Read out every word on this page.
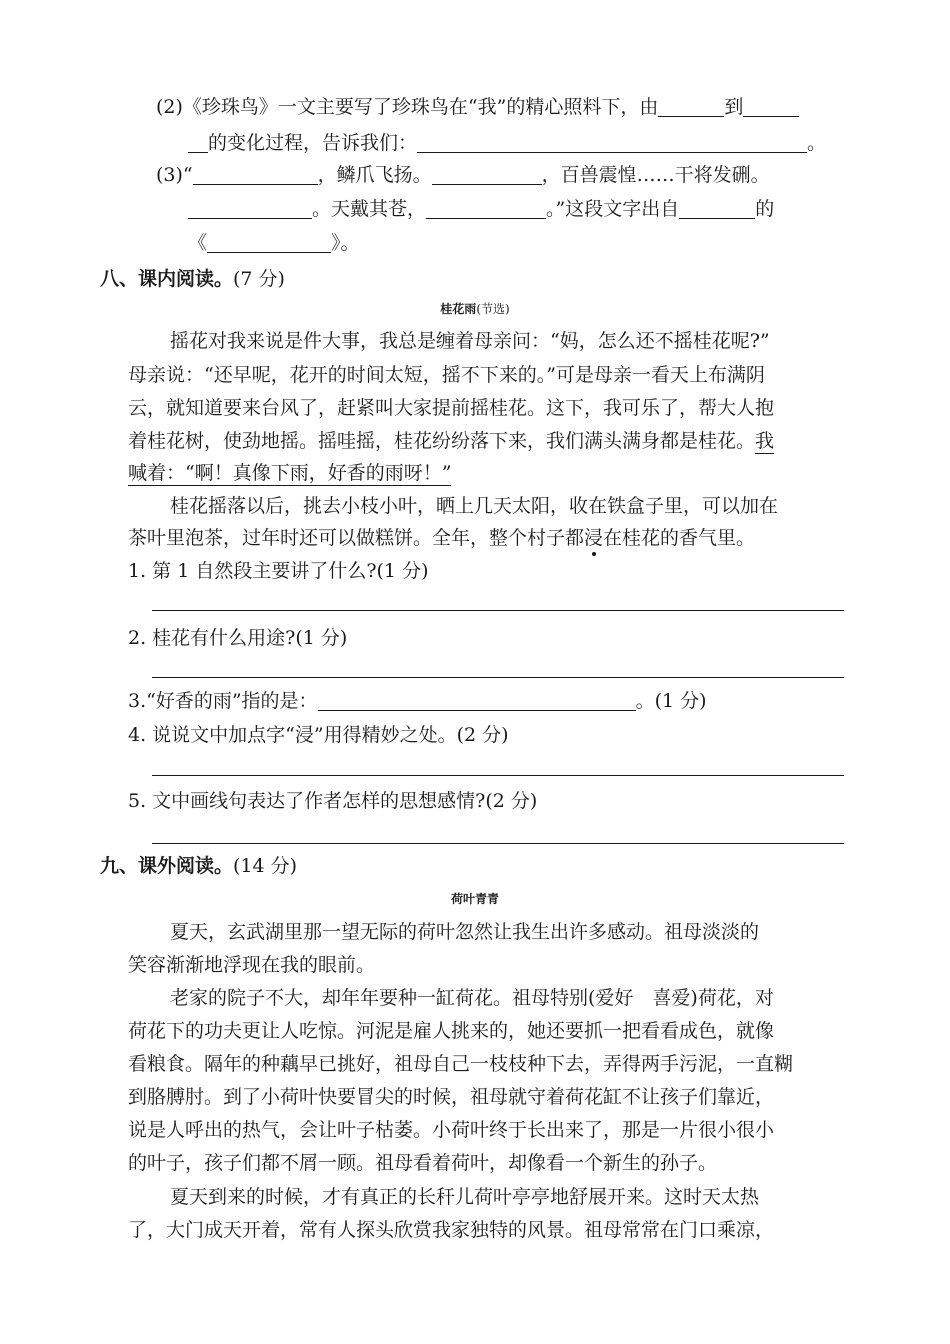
(2)《珍珠鸟》一文主要写了珍珠鸟在“我”的精心照料下，由	到
的变化过程，告诉我们：	。
(3)“	，鳞爪飞扬。	，百兽震惶……干将发硎。
。天戴其苍，	。”这段文字出自	的
《	》。
八、课内阅读。(7 分)
桂花雨(节选)
摇花对我来说是件大事，我总是缠着母亲问：“妈，怎么还不摇桂花呢?”
母亲说：“还早呢，花开的时间太短，摇不下来的。”可是母亲一看天上布满阴
云，就知道要来台风了，赶紧叫大家提前摇桂花。这下，我可乐了，帮大人抱
着桂花树，使劲地摇。摇哇摇，桂花纷纷落下来，我们满头满身都是桂花。我
喊着：“啊！真像下雨，好香的雨呀！”
桂花摇落以后，挑去小枝小叶，晒上几天太阳，收在铁盒子里，可以加在
茶叶里泡茶，过年时还可以做糕饼。全年，整个村子都浸在桂花的香气里。
1. 第 1 自然段主要讲了什么?(1 分)
2. 桂花有什么用途?(1 分)
3.“好香的雨”指的是：	。(1 分)
4. 说说文中加点字“浸”用得精妙之处。(2 分)
5. 文中画线句表达了作者怎样的思想感情?(2 分)
九、课外阅读。(14 分)
荷叶青青
夏天，玄武湖里那一望无际的荷叶忽然让我生出许多感动。祖母淡淡的
笑容渐渐地浮现在我的眼前。
老家的院子不大，却年年要种一缸荷花。祖母特别(爱好　喜爱)荷花，对
荷花下的功夫更让人吃惊。河泥是雇人挑来的，她还要抓一把看看成色，就像
看粮食。隔年的种藕早已挑好，祖母自己一枝枝种下去，弄得两手污泥，一直糊
到胳膊肘。到了小荷叶快要冒尖的时候，祖母就守着荷花缸不让孩子们靠近，
说是人呼出的热气，会让叶子枯萎。小荷叶终于长出来了，那是一片很小很小
的叶子，孩子们都不屑一顾。祖母看着荷叶，却像看一个新生的孙子。
夏天到来的时候，才有真正的长秆儿荷叶亭亭地舒展开来。这时天太热
了，大门成天开着，常有人探头欣赏我家独特的风景。祖母常常在门口乘凉，
